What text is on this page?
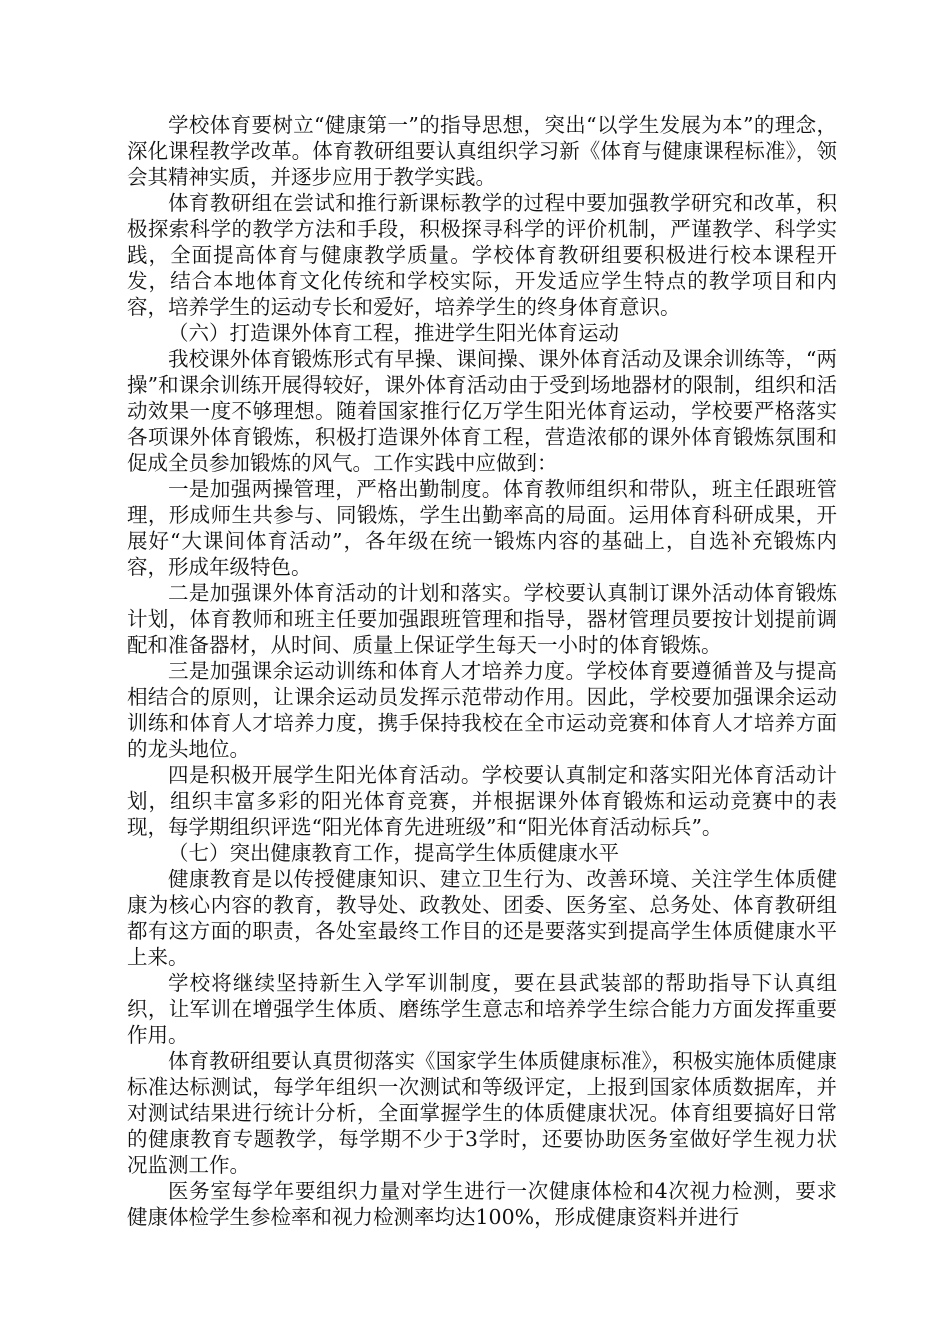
学校体育要树立“健康第一”的指导思想，突出“以学生发展为本”的理念，深化课程教学改革。体育教研组要认真组织学习新《体育与健康课程标准》，领会其精神实质，并逐步应用于教学实践。

体育教研组在尝试和推行新课标教学的过程中要加强教学研究和改革，积极探索科学的教学方法和手段，积极探寻科学的评价机制，严谨教学、科学实践，全面提高体育与健康教学质量。学校体育教研组要积极进行校本课程开发，结合本地体育文化传统和学校实际，开发适应学生特点的教学项目和内容，培养学生的运动专长和爱好，培养学生的终身体育意识。

（六）打造课外体育工程，推进学生阳光体育运动

我校课外体育锻炼形式有早操、课间操、课外体育活动及课余训练等，“两操”和课余训练开展得较好，课外体育活动由于受到场地器材的限制，组织和活动效果一度不够理想。随着国家推行亿万学生阳光体育运动，学校要严格落实各项课外体育锻炼，积极打造课外体育工程，营造浓郁的课外体育锻炼氛围和促成全员参加锻炼的风气。工作实践中应做到：

一是加强两操管理，严格出勤制度。体育教师组织和带队，班主任跟班管理，形成师生共参与、同锻炼，学生出勤率高的局面。运用体育科研成果，开展好“大课间体育活动”，各年级在统一锻炼内容的基础上，自选补充锻炼内容，形成年级特色。

二是加强课外体育活动的计划和落实。学校要认真制订课外活动体育锻炼计划，体育教师和班主任要加强跟班管理和指导，器材管理员要按计划提前调配和准备器材，从时间、质量上保证学生每天一小时的体育锻炼。

三是加强课余运动训练和体育人才培养力度。学校体育要遵循普及与提高相结合的原则，让课余运动员发挥示范带动作用。因此，学校要加强课余运动训练和体育人才培养力度，携手保持我校在全市运动竞赛和体育人才培养方面的龙头地位。

四是积极开展学生阳光体育活动。学校要认真制定和落实阳光体育活动计划，组织丰富多彩的阳光体育竞赛，并根据课外体育锻炼和运动竞赛中的表现，每学期组织评选“阳光体育先进班级”和“阳光体育活动标兵”。

（七）突出健康教育工作，提高学生体质健康水平

健康教育是以传授健康知识、建立卫生行为、改善环境、关注学生体质健康为核心内容的教育，教导处、政教处、团委、医务室、总务处、体育教研组都有这方面的职责，各处室最终工作目的还是要落实到提高学生体质健康水平上来。

学校将继续坚持新生入学军训制度，要在县武装部的帮助指导下认真组织，让军训在增强学生体质、磨练学生意志和培养学生综合能力方面发挥重要作用。

体育教研组要认真贯彻落实《国家学生体质健康标准》，积极实施体质健康标准达标测试，每学年组织一次测试和等级评定，上报到国家体质数据库，并对测试结果进行统计分析，全面掌握学生的体质健康状况。体育组要搞好日常的健康教育专题教学，每学期不少于3学时，还要协助医务室做好学生视力状况监测工作。

医务室每学年要组织力量对学生进行一次健康体检和4次视力检测，要求健康体检学生参检率和视力检测率均达100%，形成健康资料并进行
